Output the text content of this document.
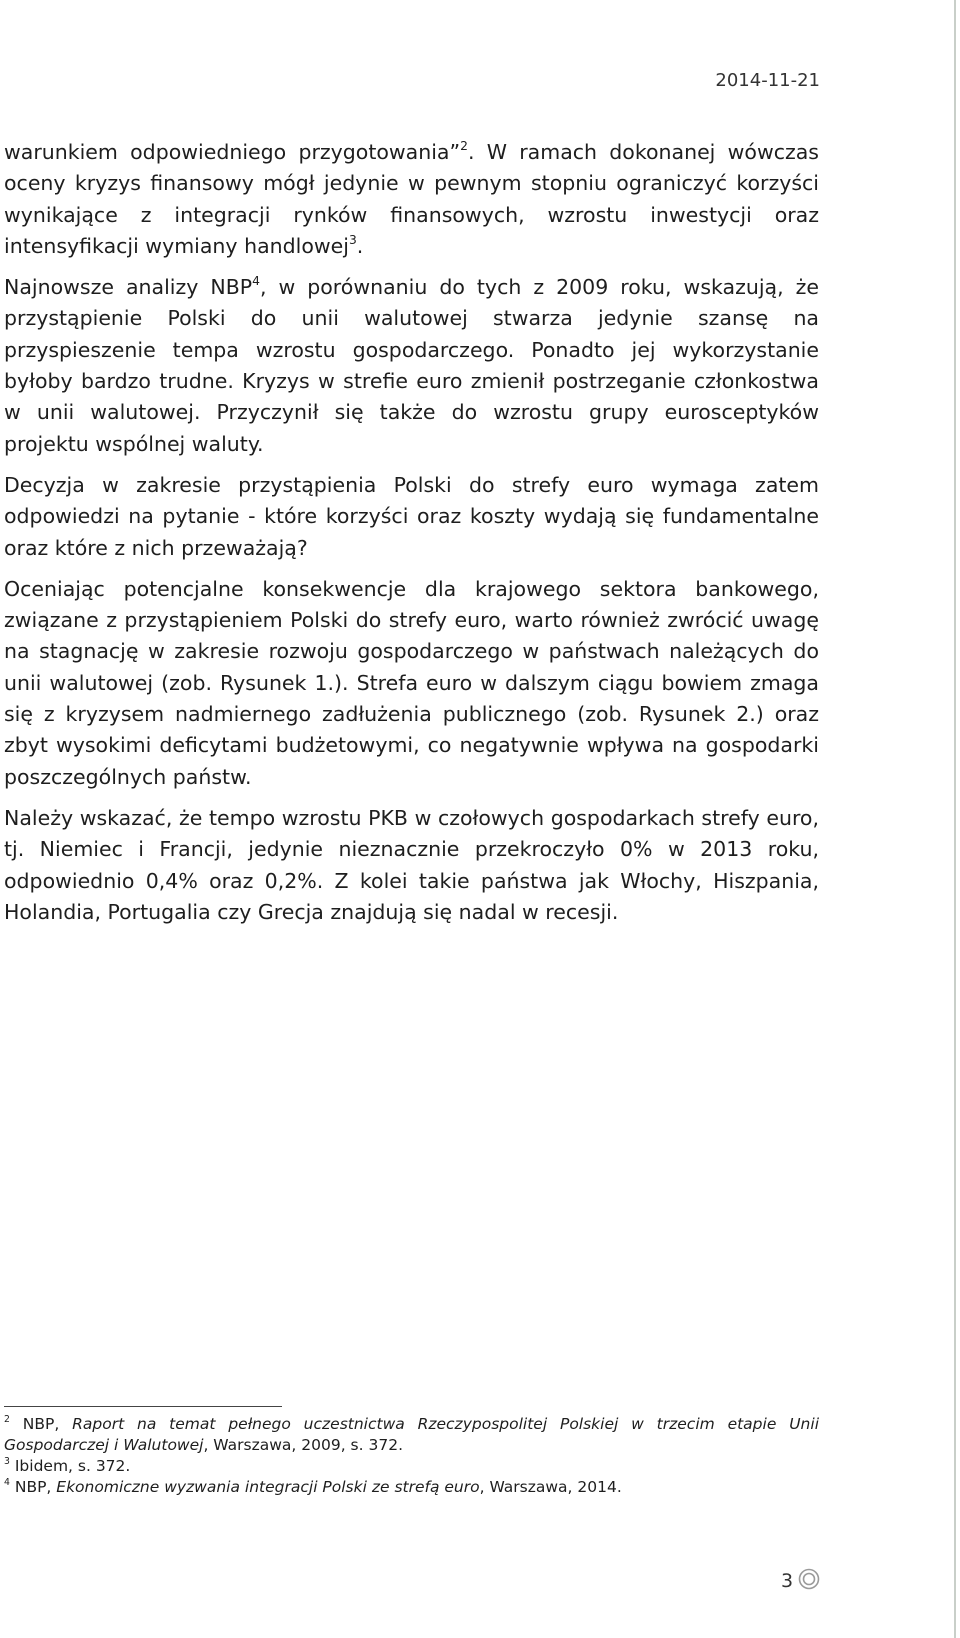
2014-11-21

warunkiem odpowiedniego przygotowania”$^2$. W ramach dokonanej wówczas oceny kryzys finansowy mógł jedynie w pewnym stopniu ograniczyć korzyści wynikające z integracji rynków finansowych, wzrostu inwestycji oraz intensyfikacji wymiany handlowej$^3$.

Najnowsze analizy NBP$^4$, w porównaniu do tych z 2009 roku, wskazują, że przystąpienie Polski do unii walutowej stwarza jedynie szansę na przyspieszenie tempa wzrostu gospodarczego. Ponadto jej wykorzystanie byłoby bardzo trudne. Kryzys w strefie euro zmienił postrzeganie członkostwa w unii walutowej. Przyczynił się także do wzrostu grupy eurosceptyków projektu wspólnej waluty.

Decyzja w zakresie przystąpienia Polski do strefy euro wymaga zatem odpowiedzi na pytanie - które korzyści oraz koszty wydają się fundamentalne oraz które z nich przeważają?

Oceniając potencjalne konsekwencje dla krajowego sektora bankowego, związane z przystąpieniem Polski do strefy euro, warto również zwrócić uwagę na stagnację w zakresie rozwoju gospodarczego w państwach należących do unii walutowej (zob. Rysunek 1.). Strefa euro w dalszym ciągu bowiem zmaga się z kryzysem nadmiernego zadłużenia publicznego (zob. Rysunek 2.) oraz zbyt wysokimi deficytami budżetowymi, co negatywnie wpływa na gospodarki poszczególnych państw.

Należy wskazać, że tempo wzrostu PKB w czołowych gospodarkach strefy euro, tj. Niemiec i Francji, jedynie nieznacznie przekroczyło 0% w 2013 roku, odpowiednio 0,4% oraz 0,2%. Z kolei takie państwa jak Włochy, Hiszpania, Holandia, Portugalia czy Grecja znajdują się nadal w recesji.

$^2$ NBP, Raport na temat pełnego uczestnictwa Rzeczypospolitej Polskiej w trzecim etapie Unii Gospodarczej i Walutowej, Warszawa, 2009, s. 372.

$^3$ Ibidem, s. 372.

$^4$ NBP, Ekonomiczne wyzwania integracji Polski ze strefą euro, Warszawa, 2014.

3
